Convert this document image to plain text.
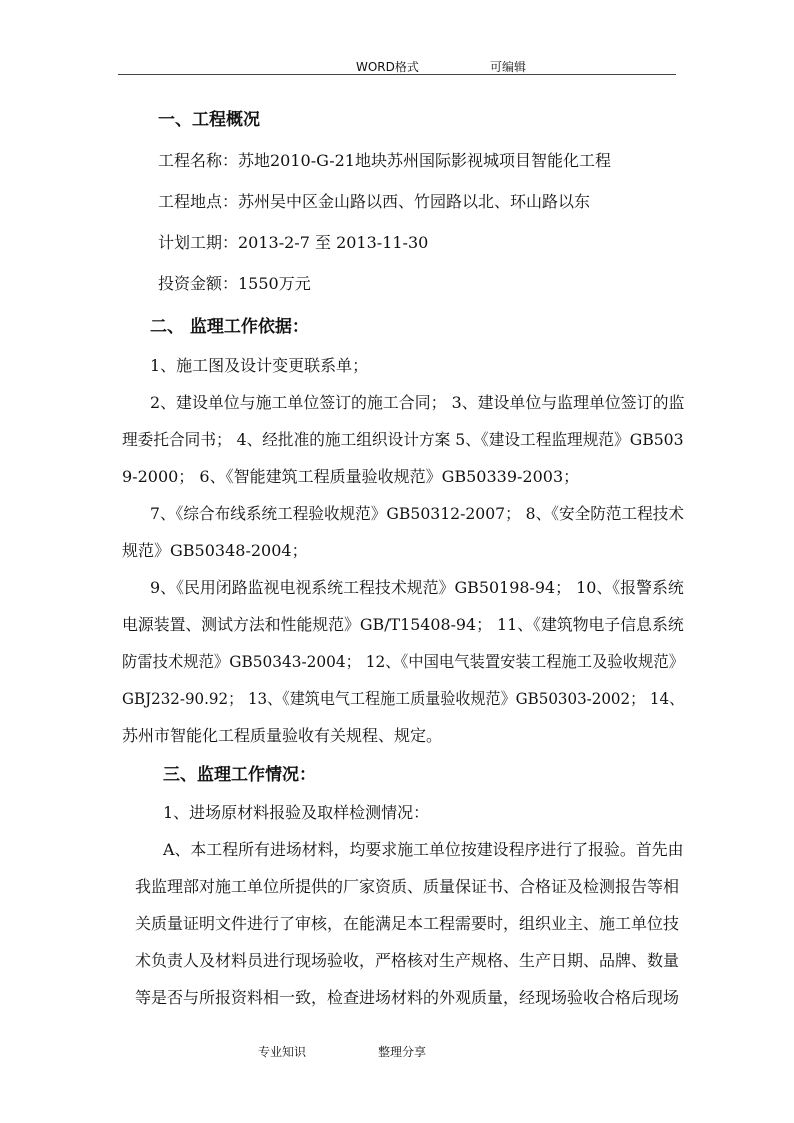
WORD格式	可编辑
一、工程概况
工程名称：苏地2010-G-21地块苏州国际影视城项目智能化工程
工程地点：苏州吴中区金山路以西、竹园路以北、环山路以东
计划工期：2013-2-7 至 2013-11-30
投资金额：1550万元
二、 监理工作依据：
1、施工图及设计变更联系单；
2、建设单位与施工单位签订的施工合同； 3、建设单位与监理单位签订的监
理委托合同书； 4、经批准的施工组织设计方案 5、《建设工程监理规范》GB503
9-2000； 6、《智能建筑工程质量验收规范》GB50339-2003；
7、《综合布线系统工程验收规范》GB50312-2007； 8、《安全防范工程技术
规范》GB50348-2004；
9、《民用闭路监视电视系统工程技术规范》GB50198-94； 10、《报警系统
电源装置、测试方法和性能规范》GB/T15408-94； 11、《建筑物电子信息系统
防雷技术规范》GB50343-2004； 12、《中国电气装置安装工程施工及验收规范》
GBJ232-90.92； 13、《建筑电气工程施工质量验收规范》GB50303-2002； 14、
苏州市智能化工程质量验收有关规程、规定。
三、监理工作情况：
1、进场原材料报验及取样检测情况：
A、本工程所有进场材料，均要求施工单位按建设程序进行了报验。首先由
我监理部对施工单位所提供的厂家资质、质量保证书、合格证及检测报告等相
关质量证明文件进行了审核，在能满足本工程需要时，组织业主、施工单位技
术负责人及材料员进行现场验收，严格核对生产规格、生产日期、品牌、数量
等是否与所报资料相一致，检查进场材料的外观质量，经现场验收合格后现场
专业知识	整理分享
